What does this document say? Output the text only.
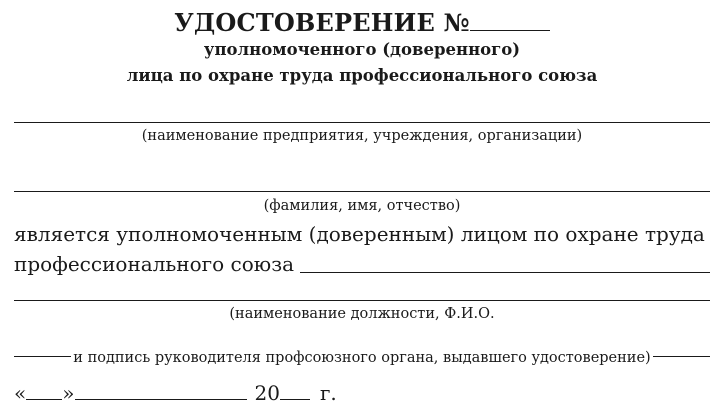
УДОСТОВЕРЕНИЕ №
уполномоченного (доверенного)
лица по охране труда профессионального союза
(наименование предприятия, учреждения, организации)
(фамилия, имя, отчество)
является уполномоченным (доверенным) лицом по охране труда
профессионального союза
(наименование должности, Ф.И.О.
и подпись руководителя профсоюзного органа, выдавшего удостоверение)
« »	20 г.
